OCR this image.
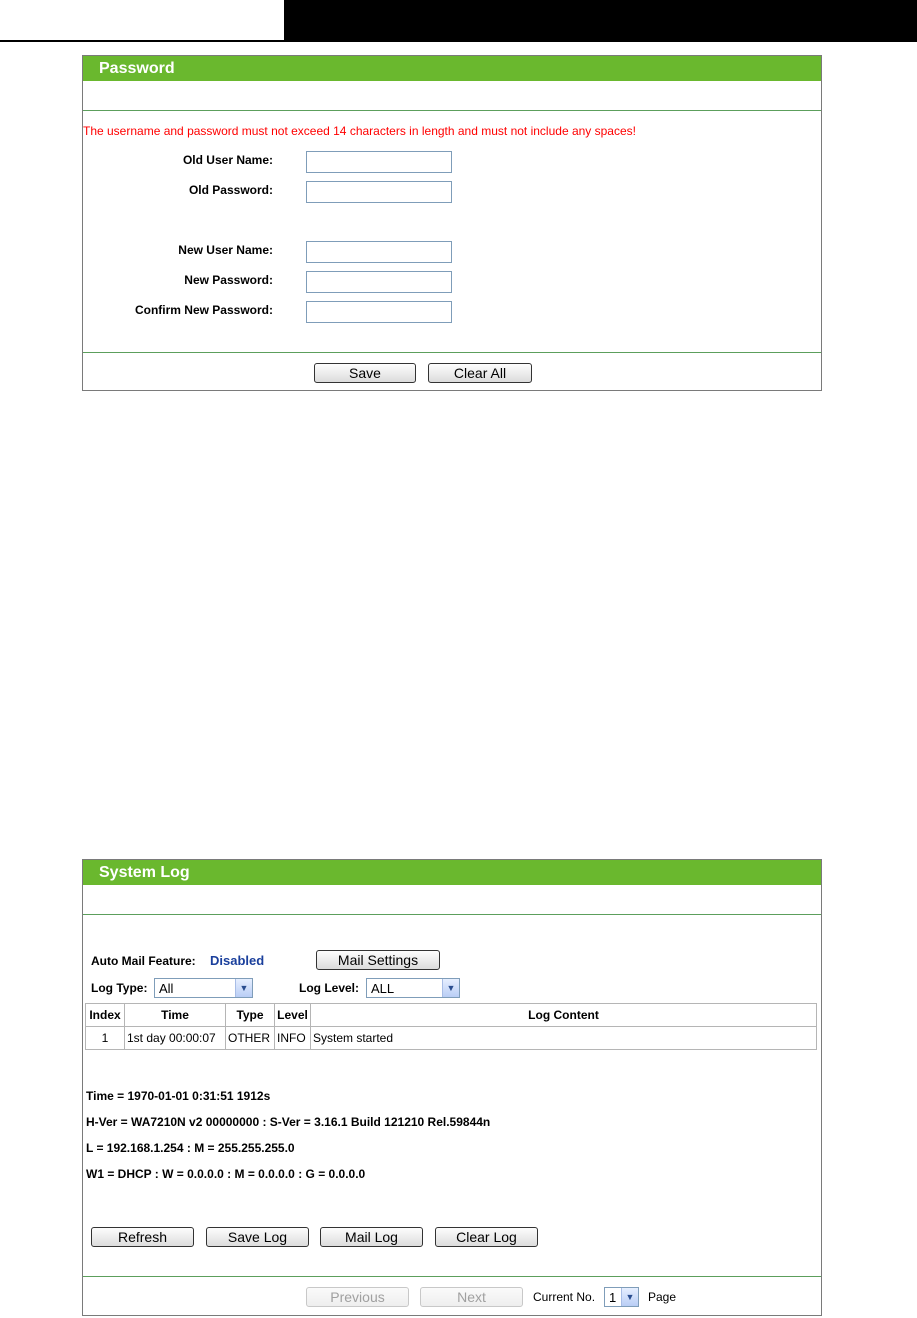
Password
The username and password must not exceed 14 characters in length and must not include any spaces!
Old User Name:
Old Password:
New User Name:
New Password:
Confirm New Password:
Save	Clear All
System Log
Auto Mail Feature: Disabled	Mail Settings
Log Type: All	▼	Log Level: ALL	▼
Index	Time	Type	Level	Log Content
1	1st day 00:00:07	OTHER	INFO	System started
Time = 1970-01-01 0:31:51 1912s
H-Ver = WA7210N v2 00000000 : S-Ver = 3.16.1 Build 121210 Rel.59844n
L = 192.168.1.254 : M = 255.255.255.0
W1 = DHCP : W = 0.0.0.0 : M = 0.0.0.0 : G = 0.0.0.0
Refresh	Save Log	Mail Log	Clear Log
Previous	Next	Current No. 1	▼ Page
